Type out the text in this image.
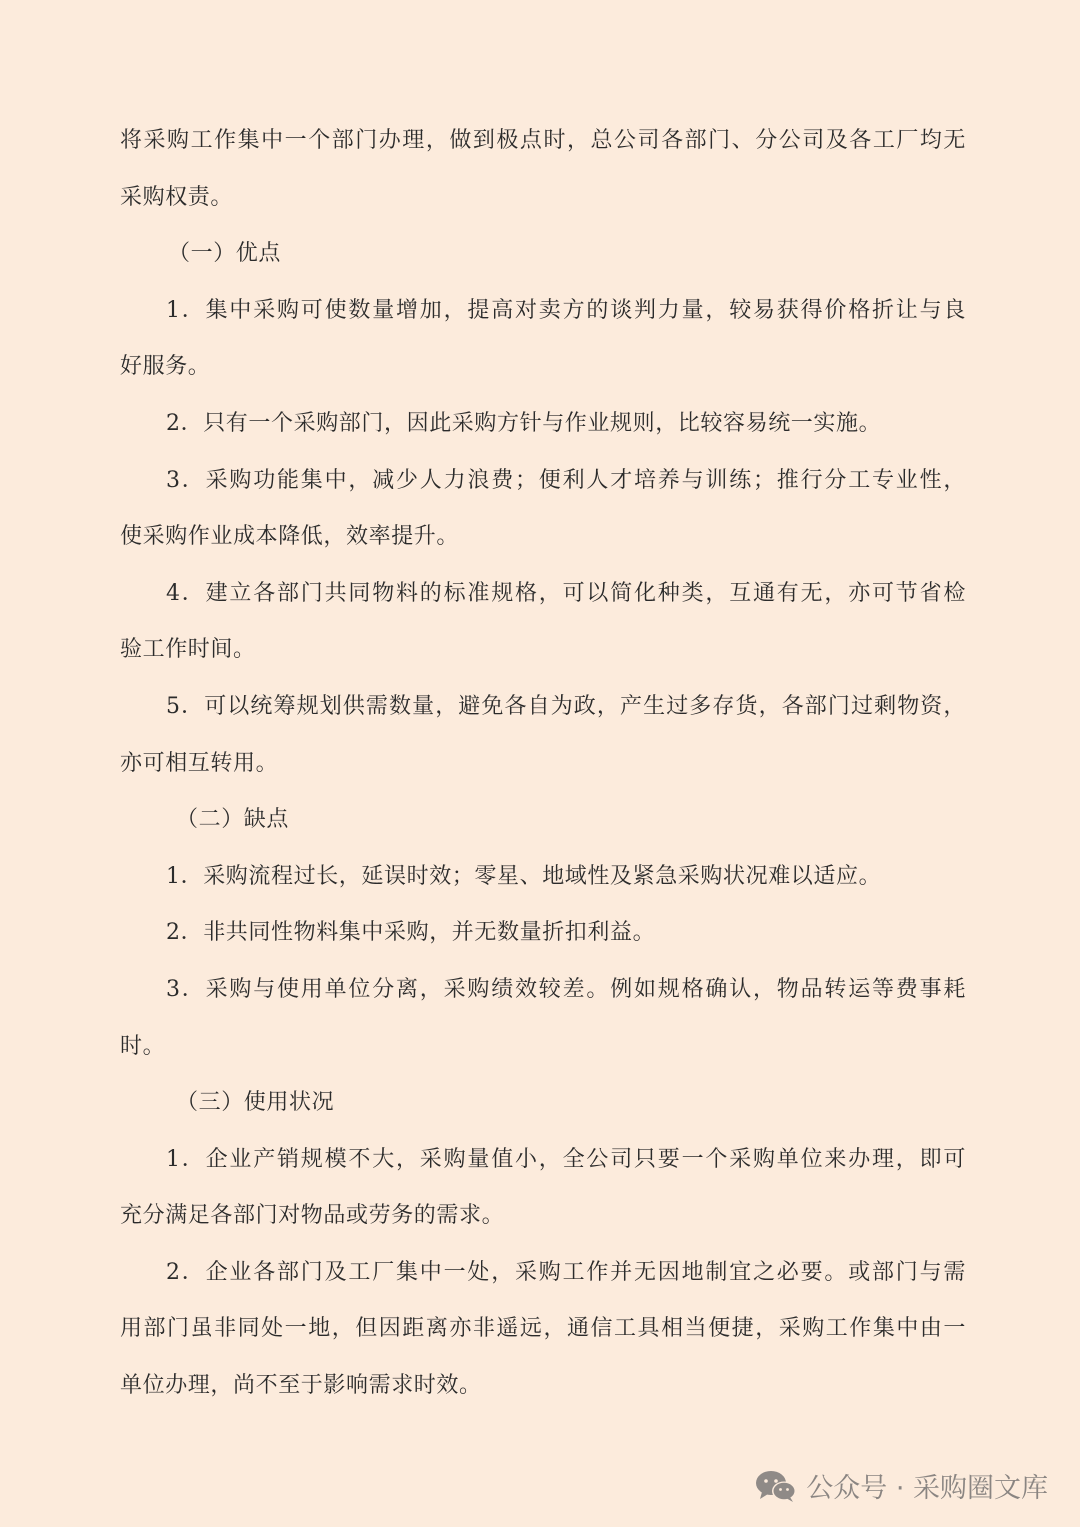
将采购工作集中一个部门办理，做到极点时，总公司各部门、分公司及各工厂均无
采购权责。
（一）优点
1．集中采购可使数量增加，提高对卖方的谈判力量，较易获得价格折让与良
好服务。
2．只有一个采购部门，因此采购方针与作业规则，比较容易统一实施。
3．采购功能集中，减少人力浪费；便利人才培养与训练；推行分工专业性，
使采购作业成本降低，效率提升。
4．建立各部门共同物料的标准规格，可以简化种类，互通有无，亦可节省检
验工作时间。
5．可以统筹规划供需数量，避免各自为政，产生过多存货，各部门过剩物资，
亦可相互转用。
（二）缺点
1．采购流程过长，延误时效；零星、地域性及紧急采购状况难以适应。
2．非共同性物料集中采购，并无数量折扣利益。
3．采购与使用单位分离，采购绩效较差。例如规格确认，物品转运等费事耗
时。
（三）使用状况
1．企业产销规模不大，采购量值小，全公司只要一个采购单位来办理，即可
充分满足各部门对物品或劳务的需求。
2．企业各部门及工厂集中一处，采购工作并无因地制宜之必要。或部门与需
用部门虽非同处一地，但因距离亦非遥远，通信工具相当便捷，采购工作集中由一
单位办理，尚不至于影响需求时效。
公众号 · 采购圈文库
